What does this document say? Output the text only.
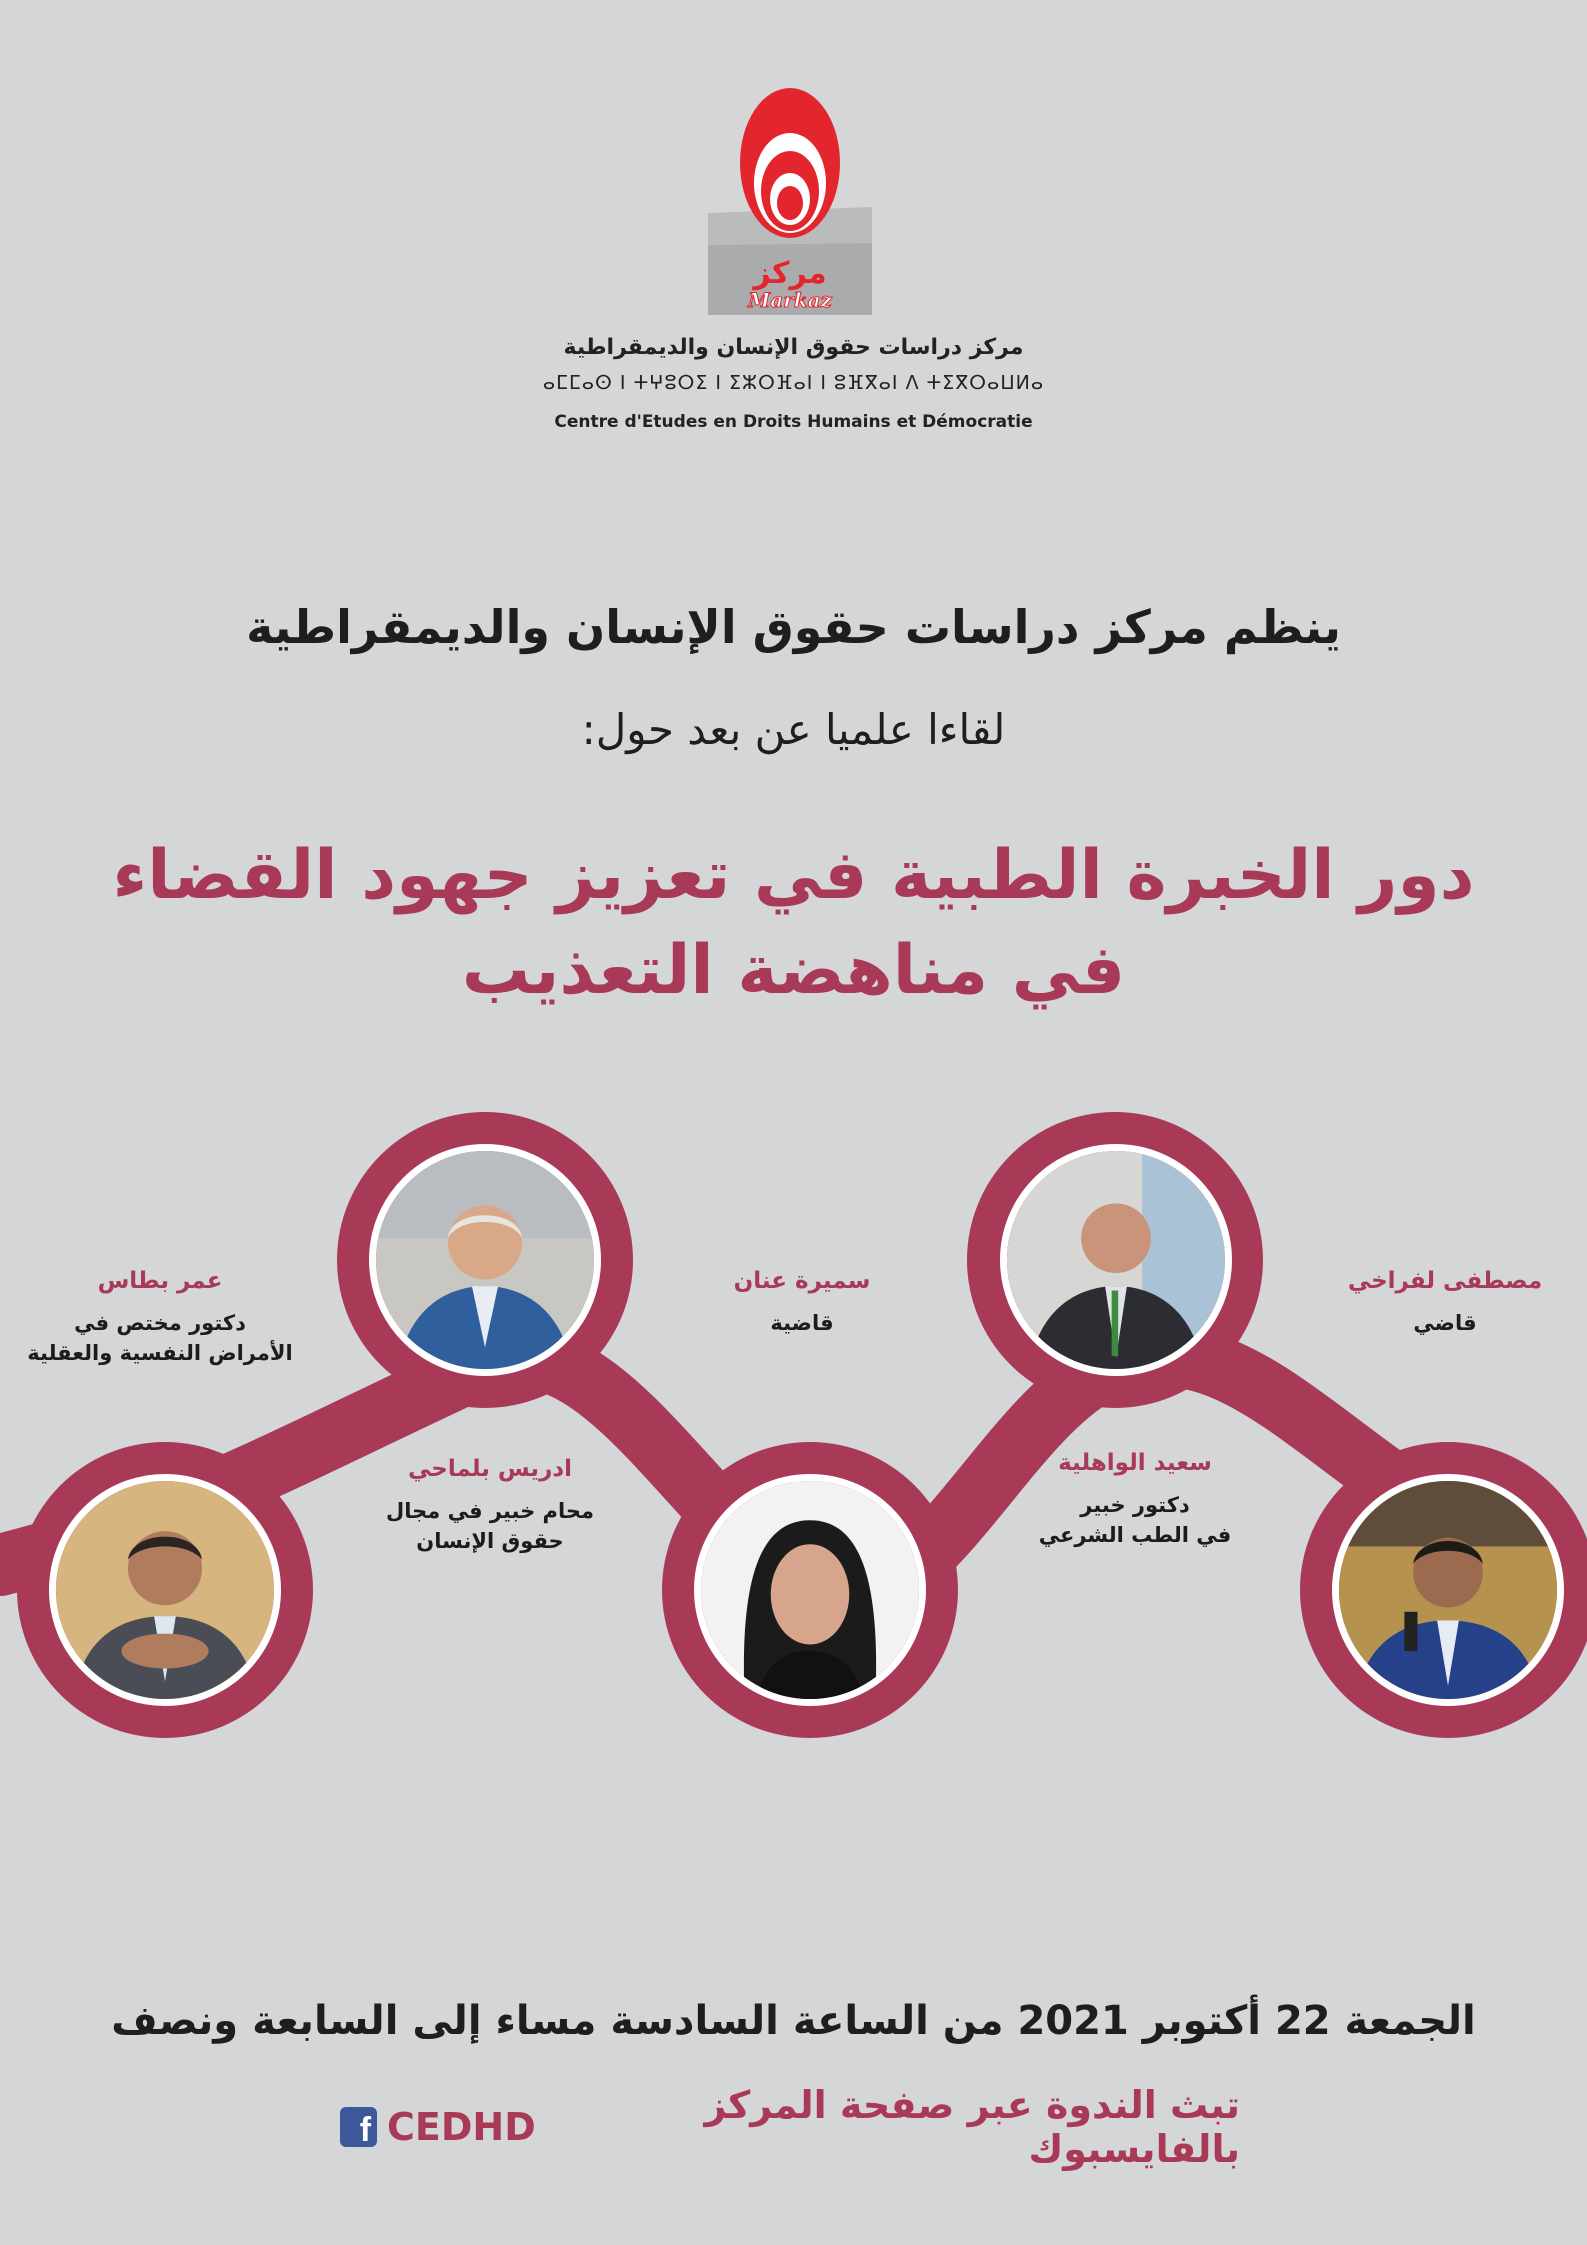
مركز
Markaz
مركز دراسات حقوق الإنسان والديمقراطية
ⴰⵎⵎⴰⵙ ⵏ ⵜⵖⵓⵔⵉ ⵏ ⵉⵣⵔⴼⴰⵏ ⵏ ⵓⴼⴳⴰⵏ ⴷ ⵜⵉⴳⵔⴰⵡⵍⴰ
Centre d'Etudes en Droits Humains et Démocratie
ينظم مركز دراسات حقوق الإنسان والديمقراطية
لقاءا علميا عن بعد حول:
دور الخبرة الطبية في تعزيز جهود القضاء
في مناهضة التعذيب
مصطفى لفراخي
قاضي
سميرة عنان
قاضية
عمر بطاس
دكتور مختص في
الأمراض النفسية والعقلية
سعيد الواهلية
دكتور خبير
في الطب الشرعي
ادريس بلماحي
محام خبير في مجال
حقوق الإنسان
الجمعة 22 أكتوبر 2021 من الساعة السادسة مساء إلى السابعة ونصف
تبث الندوة عبر صفحة المركز بالفايسبوك
CEDHD
f
